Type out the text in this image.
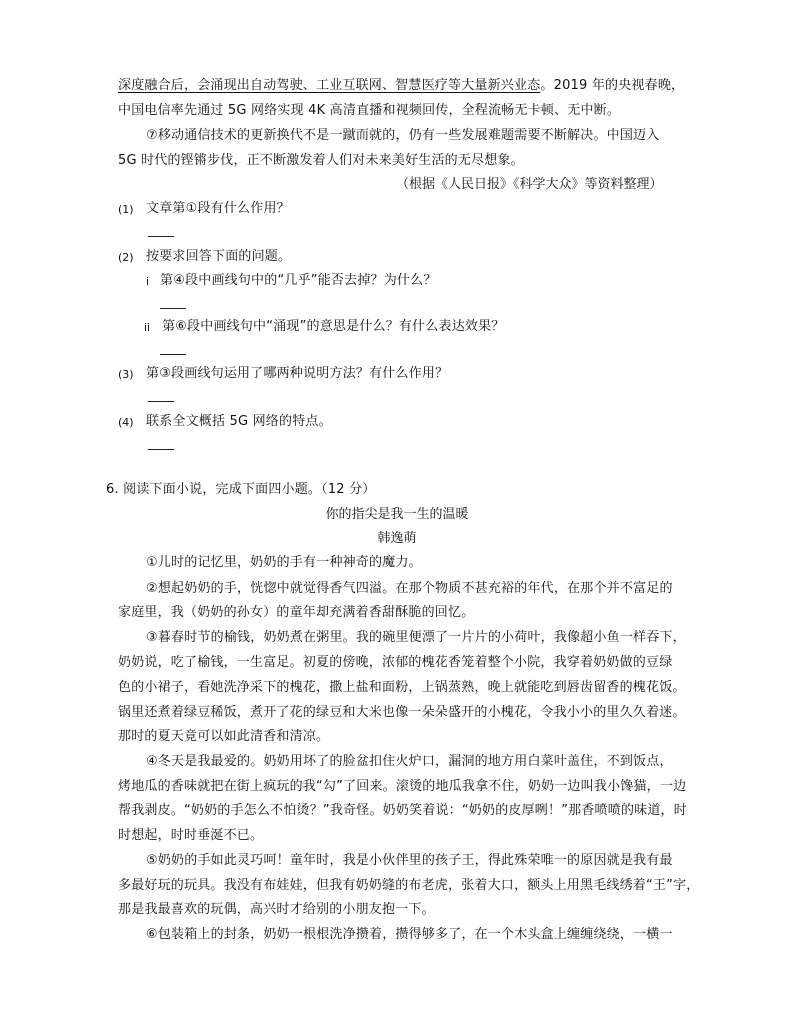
深度融合后，会涌现出自动驾驶、工业互联网、智慧医疗等大量新兴业态。2019 年的央视春晚，
中国电信率先通过 5G 网络实现 4K 高清直播和视频回传，全程流畅无卡顿、无中断。
⑦移动通信技术的更新换代不是一蹴而就的，仍有一些发展难题需要不断解决。中国迈入
5G 时代的铿锵步伐，正不断激发着人们对未来美好生活的无尽想象。
（根据《人民日报》《科学大众》等资料整理）
(1) 文章第①段有什么作用？
(2) 按要求回答下面的问题。
i 第④段中画线句中的“几乎”能否去掉？为什么？
ii 第⑥段中画线句中“涌现”的意思是什么？有什么表达效果？
(3) 第③段画线句运用了哪两种说明方法？有什么作用？
(4) 联系全文概括 5G 网络的特点。
6. 阅读下面小说，完成下面四小题。（12 分）
你的指尖是我一生的温暖
韩逸萌
①儿时的记忆里，奶奶的手有一种神奇的魔力。
②想起奶奶的手，恍惚中就觉得香气四溢。在那个物质不甚充裕的年代，在那个并不富足的
家庭里，我（奶奶的孙女）的童年却充满着香甜酥脆的回忆。
③暮春时节的榆钱，奶奶煮在粥里。我的碗里便漂了一片片的小荷叶，我像超小鱼一样吞下，
奶奶说，吃了榆钱，一生富足。初夏的傍晚，浓郁的槐花香笼着整个小院，我穿着奶奶做的豆绿
色的小裙子，看她洗净采下的槐花，撒上盐和面粉，上锅蒸熟，晚上就能吃到唇齿留香的槐花饭。
锅里还煮着绿豆稀饭，煮开了花的绿豆和大米也像一朵朵盛开的小槐花，令我小小的里久久着迷。
那时的夏天竟可以如此清香和清凉。
④冬天是我最爱的。奶奶用坏了的脸盆扣住火炉口，漏洞的地方用白菜叶盖住，不到饭点，
烤地瓜的香味就把在街上疯玩的我“勾”了回来。滚烫的地瓜我拿不住，奶奶一边叫我小馋猫，一边
帮我剥皮。“奶奶的手怎么不怕烫？”我奇怪。奶奶笑着说：“奶奶的皮厚咧！”那香喷喷的味道，时
时想起，时时垂涎不已。
⑤奶奶的手如此灵巧呵！童年时，我是小伙伴里的孩子王，得此殊荣唯一的原因就是我有最
多最好玩的玩具。我没有布娃娃，但我有奶奶缝的布老虎，张着大口，额头上用黑毛线绣着“王”字，
那是我最喜欢的玩偶，高兴时才给别的小朋友抱一下。
⑥包装箱上的封条，奶奶一根根洗净攒着，攒得够多了，在一个木头盒上缠缠绕绕，一横一
